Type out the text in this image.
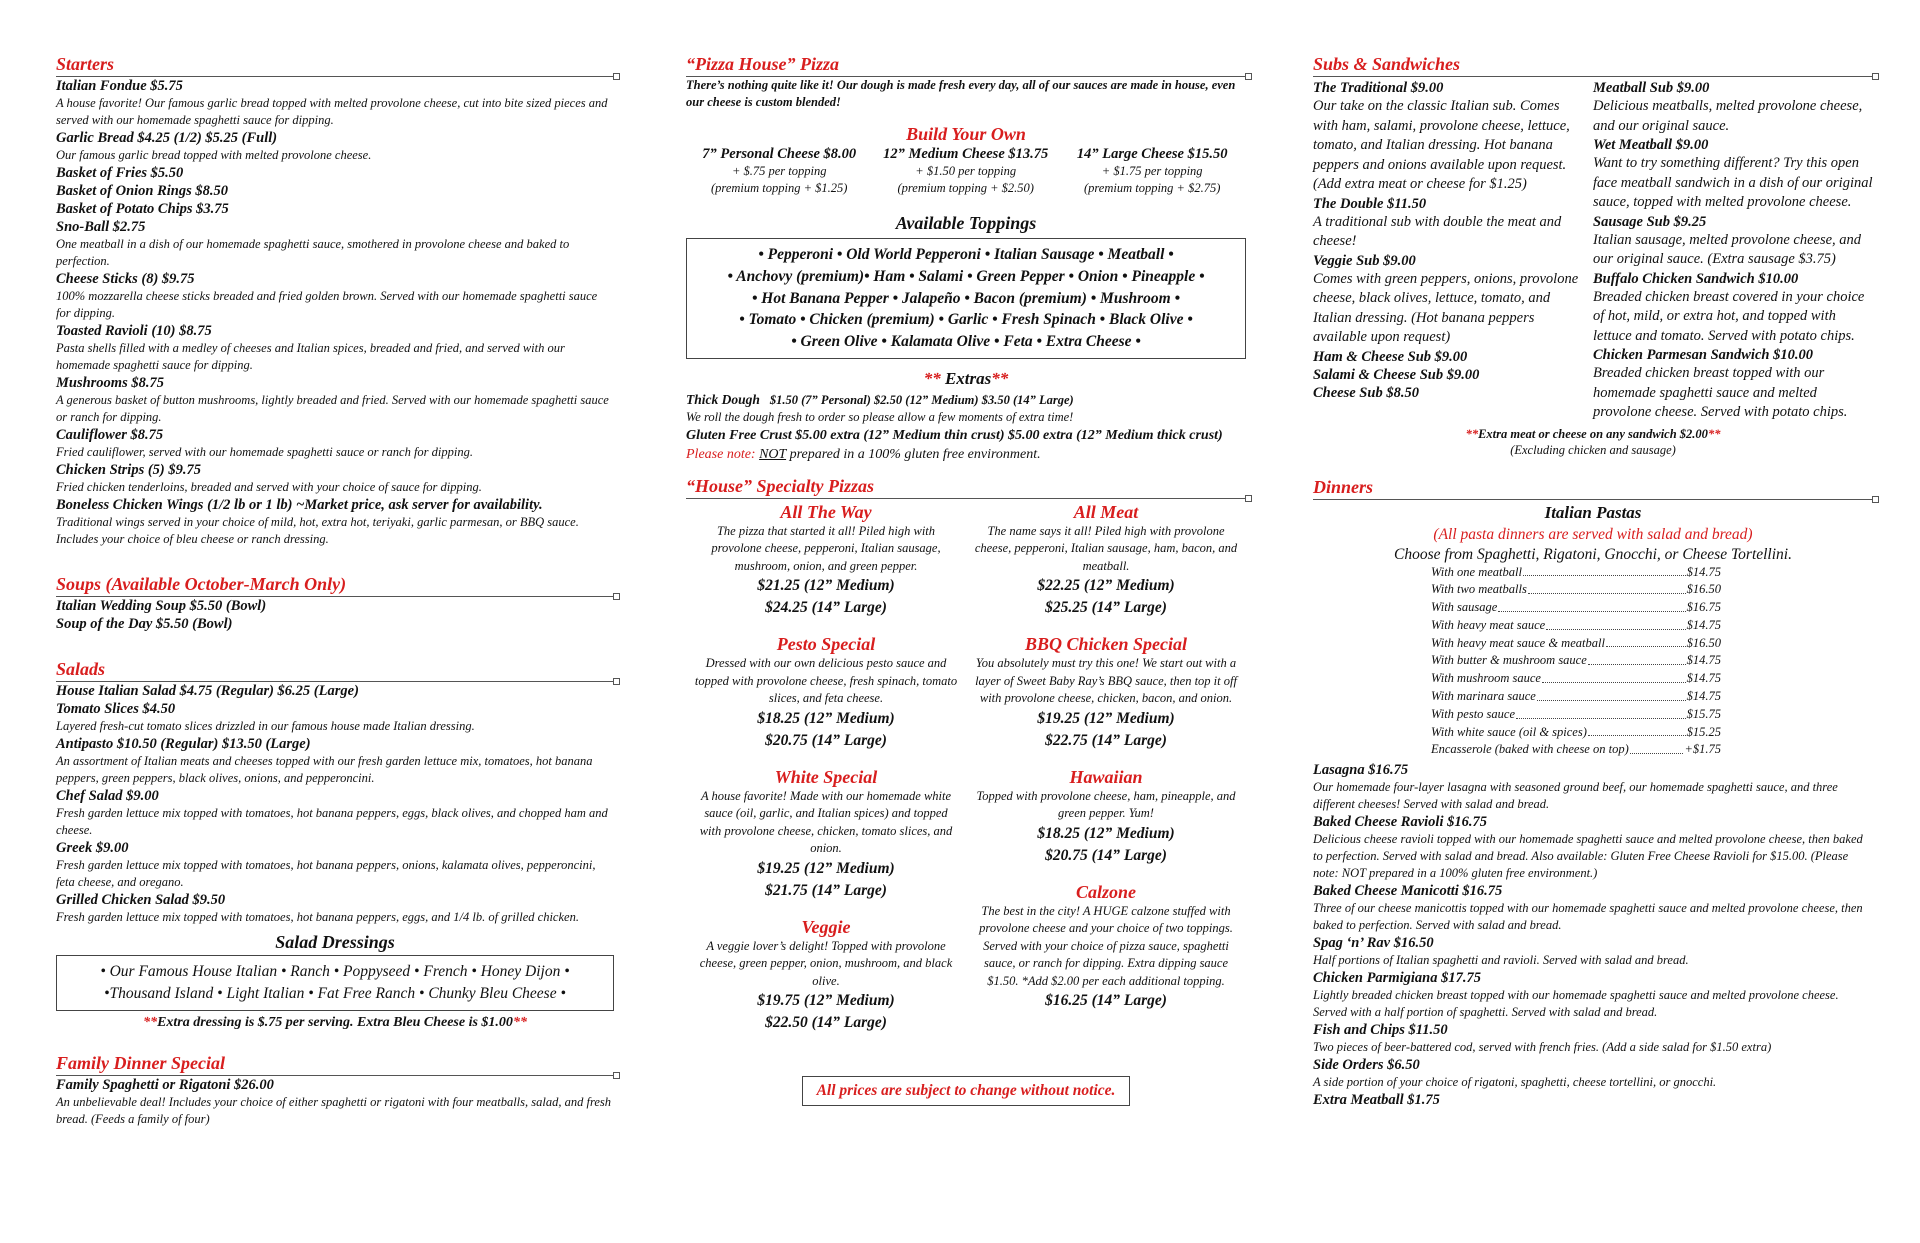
Starters
Italian Fondue $5.75
A house favorite! Our famous garlic bread topped with melted provolone cheese, cut into bite sized pieces and served with our homemade spaghetti sauce for dipping.
Garlic Bread $4.25 (1/2) $5.25 (Full)
Our famous garlic bread topped with melted provolone cheese.
Basket of Fries $5.50
Basket of Onion Rings $8.50
Basket of Potato Chips $3.75
Sno-Ball $2.75
One meatball in a dish of our homemade spaghetti sauce, smothered in provolone cheese and baked to perfection.
Cheese Sticks (8) $9.75
100% mozzarella cheese sticks breaded and fried golden brown. Served with our homemade spaghetti sauce for dipping.
Toasted Ravioli (10) $8.75
Pasta shells filled with a medley of cheeses and Italian spices, breaded and fried, and served with our homemade spaghetti sauce for dipping.
Mushrooms $8.75
A generous basket of button mushrooms, lightly breaded and fried. Served with our homemade spaghetti sauce or ranch for dipping.
Cauliflower $8.75
Fried cauliflower, served with our homemade spaghetti sauce or ranch for dipping.
Chicken Strips (5) $9.75
Fried chicken tenderloins, breaded and served with your choice of sauce for dipping.
Boneless Chicken Wings (1/2 lb or 1 lb) ~Market price, ask server for availability.
Traditional wings served in your choice of mild, hot, extra hot, teriyaki, garlic parmesan, or BBQ sauce. Includes your choice of bleu cheese or ranch dressing.
Soups (Available October-March Only)
Italian Wedding Soup $5.50 (Bowl)
Soup of the Day $5.50 (Bowl)
Salads
House Italian Salad $4.75 (Regular) $6.25 (Large)
Tomato Slices $4.50
Layered fresh-cut tomato slices drizzled in our famous house made Italian dressing.
Antipasto $10.50 (Regular) $13.50 (Large)
An assortment of Italian meats and cheeses topped with our fresh garden lettuce mix, tomatoes, hot banana peppers, green peppers, black olives, onions, and pepperoncini.
Chef Salad $9.00
Fresh garden lettuce mix topped with tomatoes, hot banana peppers, eggs, black olives, and chopped ham and cheese.
Greek $9.00
Fresh garden lettuce mix topped with tomatoes, hot banana peppers, onions, kalamata olives, pepperoncini, feta cheese, and oregano.
Grilled Chicken Salad $9.50
Fresh garden lettuce mix topped with tomatoes, hot banana peppers, eggs, and 1/4 lb. of grilled chicken.
Salad Dressings
• Our Famous House Italian • Ranch • Poppyseed • French • Honey Dijon •
•Thousand Island • Light Italian • Fat Free Ranch • Chunky Bleu Cheese •
**Extra dressing is $.75 per serving. Extra Bleu Cheese is $1.00**
Family Dinner Special
Family Spaghetti or Rigatoni $26.00
An unbelievable deal! Includes your choice of either spaghetti or rigatoni with four meatballs, salad, and fresh bread. (Feeds a family of four)
“Pizza House” Pizza
There’s nothing quite like it! Our dough is made fresh every day, all of our sauces are made in house, even our cheese is custom blended!
Build Your Own
7” Personal Cheese $8.00
+ $.75 per topping
(premium topping + $1.25)
12” Medium Cheese $13.75
+ $1.50 per topping
(premium topping + $2.50)
14” Large Cheese $15.50
+ $1.75 per topping
(premium topping + $2.75)
Available Toppings
• Pepperoni • Old World Pepperoni • Italian Sausage • Meatball •
• Anchovy (premium)• Ham • Salami • Green Pepper • Onion • Pineapple •
• Hot Banana Pepper • Jalapeño • Bacon (premium) • Mushroom •
• Tomato • Chicken (premium) • Garlic • Fresh Spinach • Black Olive •
• Green Olive • Kalamata Olive • Feta • Extra Cheese •
** Extras**
Thick Dough $1.50 (7” Personal) $2.50 (12” Medium) $3.50 (14” Large)
We roll the dough fresh to order so please allow a few moments of extra time!
Gluten Free Crust $5.00 extra (12” Medium thin crust) $5.00 extra (12” Medium thick crust) Please note: NOT prepared in a 100% gluten free environment.
“House” Specialty Pizzas
All The Way
The pizza that started it all! Piled high with provolone cheese, pepperoni, Italian sausage, mushroom, onion, and green pepper.
$21.25 (12” Medium)
$24.25 (14” Large)
Pesto Special
Dressed with our own delicious pesto sauce and topped with provolone cheese, fresh spinach, tomato slices, and feta cheese.
$18.25 (12” Medium)
$20.75 (14” Large)
White Special
A house favorite! Made with our homemade white sauce (oil, garlic, and Italian spices) and topped with provolone cheese, chicken, tomato slices, and onion.
$19.25 (12” Medium)
$21.75 (14” Large)
Veggie
A veggie lover’s delight! Topped with provolone cheese, green pepper, onion, mushroom, and black olive.
$19.75 (12” Medium)
$22.50 (14” Large)
All Meat
The name says it all! Piled high with provolone cheese, pepperoni, Italian sausage, ham, bacon, and meatball.
$22.25 (12” Medium)
$25.25 (14” Large)
BBQ Chicken Special
You absolutely must try this one! We start out with a layer of Sweet Baby Ray’s BBQ sauce, then top it off with provolone cheese, chicken, bacon, and onion.
$19.25 (12” Medium)
$22.75 (14” Large)
Hawaiian
Topped with provolone cheese, ham, pineapple, and green pepper. Yum!
$18.25 (12” Medium)
$20.75 (14” Large)
Calzone
The best in the city! A HUGE calzone stuffed with provolone cheese and your choice of two toppings. Served with your choice of pizza sauce, spaghetti sauce, or ranch for dipping. Extra dipping sauce $1.50. *Add $2.00 per each additional topping.
$16.25 (14” Large)
All prices are subject to change without notice.
Subs & Sandwiches
The Traditional $9.00
Our take on the classic Italian sub. Comes with ham, salami, provolone cheese, lettuce, tomato, and Italian dressing. Hot banana peppers and onions available upon request. (Add extra meat or cheese for $1.25)
The Double $11.50
A traditional sub with double the meat and cheese!
Veggie Sub $9.00
Comes with green peppers, onions, provolone cheese, black olives, lettuce, tomato, and Italian dressing. (Hot banana peppers available upon request)
Ham & Cheese Sub $9.00
Salami & Cheese Sub $9.00
Cheese Sub $8.50
Meatball Sub $9.00
Delicious meatballs, melted provolone cheese, and our original sauce.
Wet Meatball $9.00
Want to try something different? Try this open face meatball sandwich in a dish of our original sauce, topped with melted provolone cheese.
Sausage Sub $9.25
Italian sausage, melted provolone cheese, and our original sauce. (Extra sausage $3.75)
Buffalo Chicken Sandwich $10.00
Breaded chicken breast covered in your choice of hot, mild, or extra hot, and topped with lettuce and tomato. Served with potato chips.
Chicken Parmesan Sandwich $10.00
Breaded chicken breast topped with our homemade spaghetti sauce and melted provolone cheese. Served with potato chips.
**Extra meat or cheese on any sandwich $2.00**
(Excluding chicken and sausage)
Dinners
Italian Pastas
(All pasta dinners are served with salad and bread)
Choose from Spaghetti, Rigatoni, Gnocchi, or Cheese Tortellini.
With one meatball	$14.75
With two meatballs	$16.50
With sausage	$16.75
With heavy meat sauce	$14.75
With heavy meat sauce & meatball	$16.50
With butter & mushroom sauce	$14.75
With mushroom sauce	$14.75
With marinara sauce	$14.75
With pesto sauce	$15.75
With white sauce (oil & spices)	$15.25
Encasserole (baked with cheese on top)	+$1.75
Lasagna $16.75
Our homemade four-layer lasagna with seasoned ground beef, our homemade spaghetti sauce, and three different cheeses! Served with salad and bread.
Baked Cheese Ravioli $16.75
Delicious cheese ravioli topped with our homemade spaghetti sauce and melted provolone cheese, then baked to perfection. Served with salad and bread. Also available: Gluten Free Cheese Ravioli for $15.00. (Please note: NOT prepared in a 100% gluten free environment.)
Baked Cheese Manicotti $16.75
Three of our cheese manicottis topped with our homemade spaghetti sauce and melted provolone cheese, then baked to perfection. Served with salad and bread.
Spag ‘n’ Rav $16.50
Half portions of Italian spaghetti and ravioli. Served with salad and bread.
Chicken Parmigiana $17.75
Lightly breaded chicken breast topped with our homemade spaghetti sauce and melted provolone cheese. Served with a half portion of spaghetti. Served with salad and bread.
Fish and Chips $11.50
Two pieces of beer-battered cod, served with french fries. (Add a side salad for $1.50 extra)
Side Orders $6.50
A side portion of your choice of rigatoni, spaghetti, cheese tortellini, or gnocchi.
Extra Meatball $1.75
